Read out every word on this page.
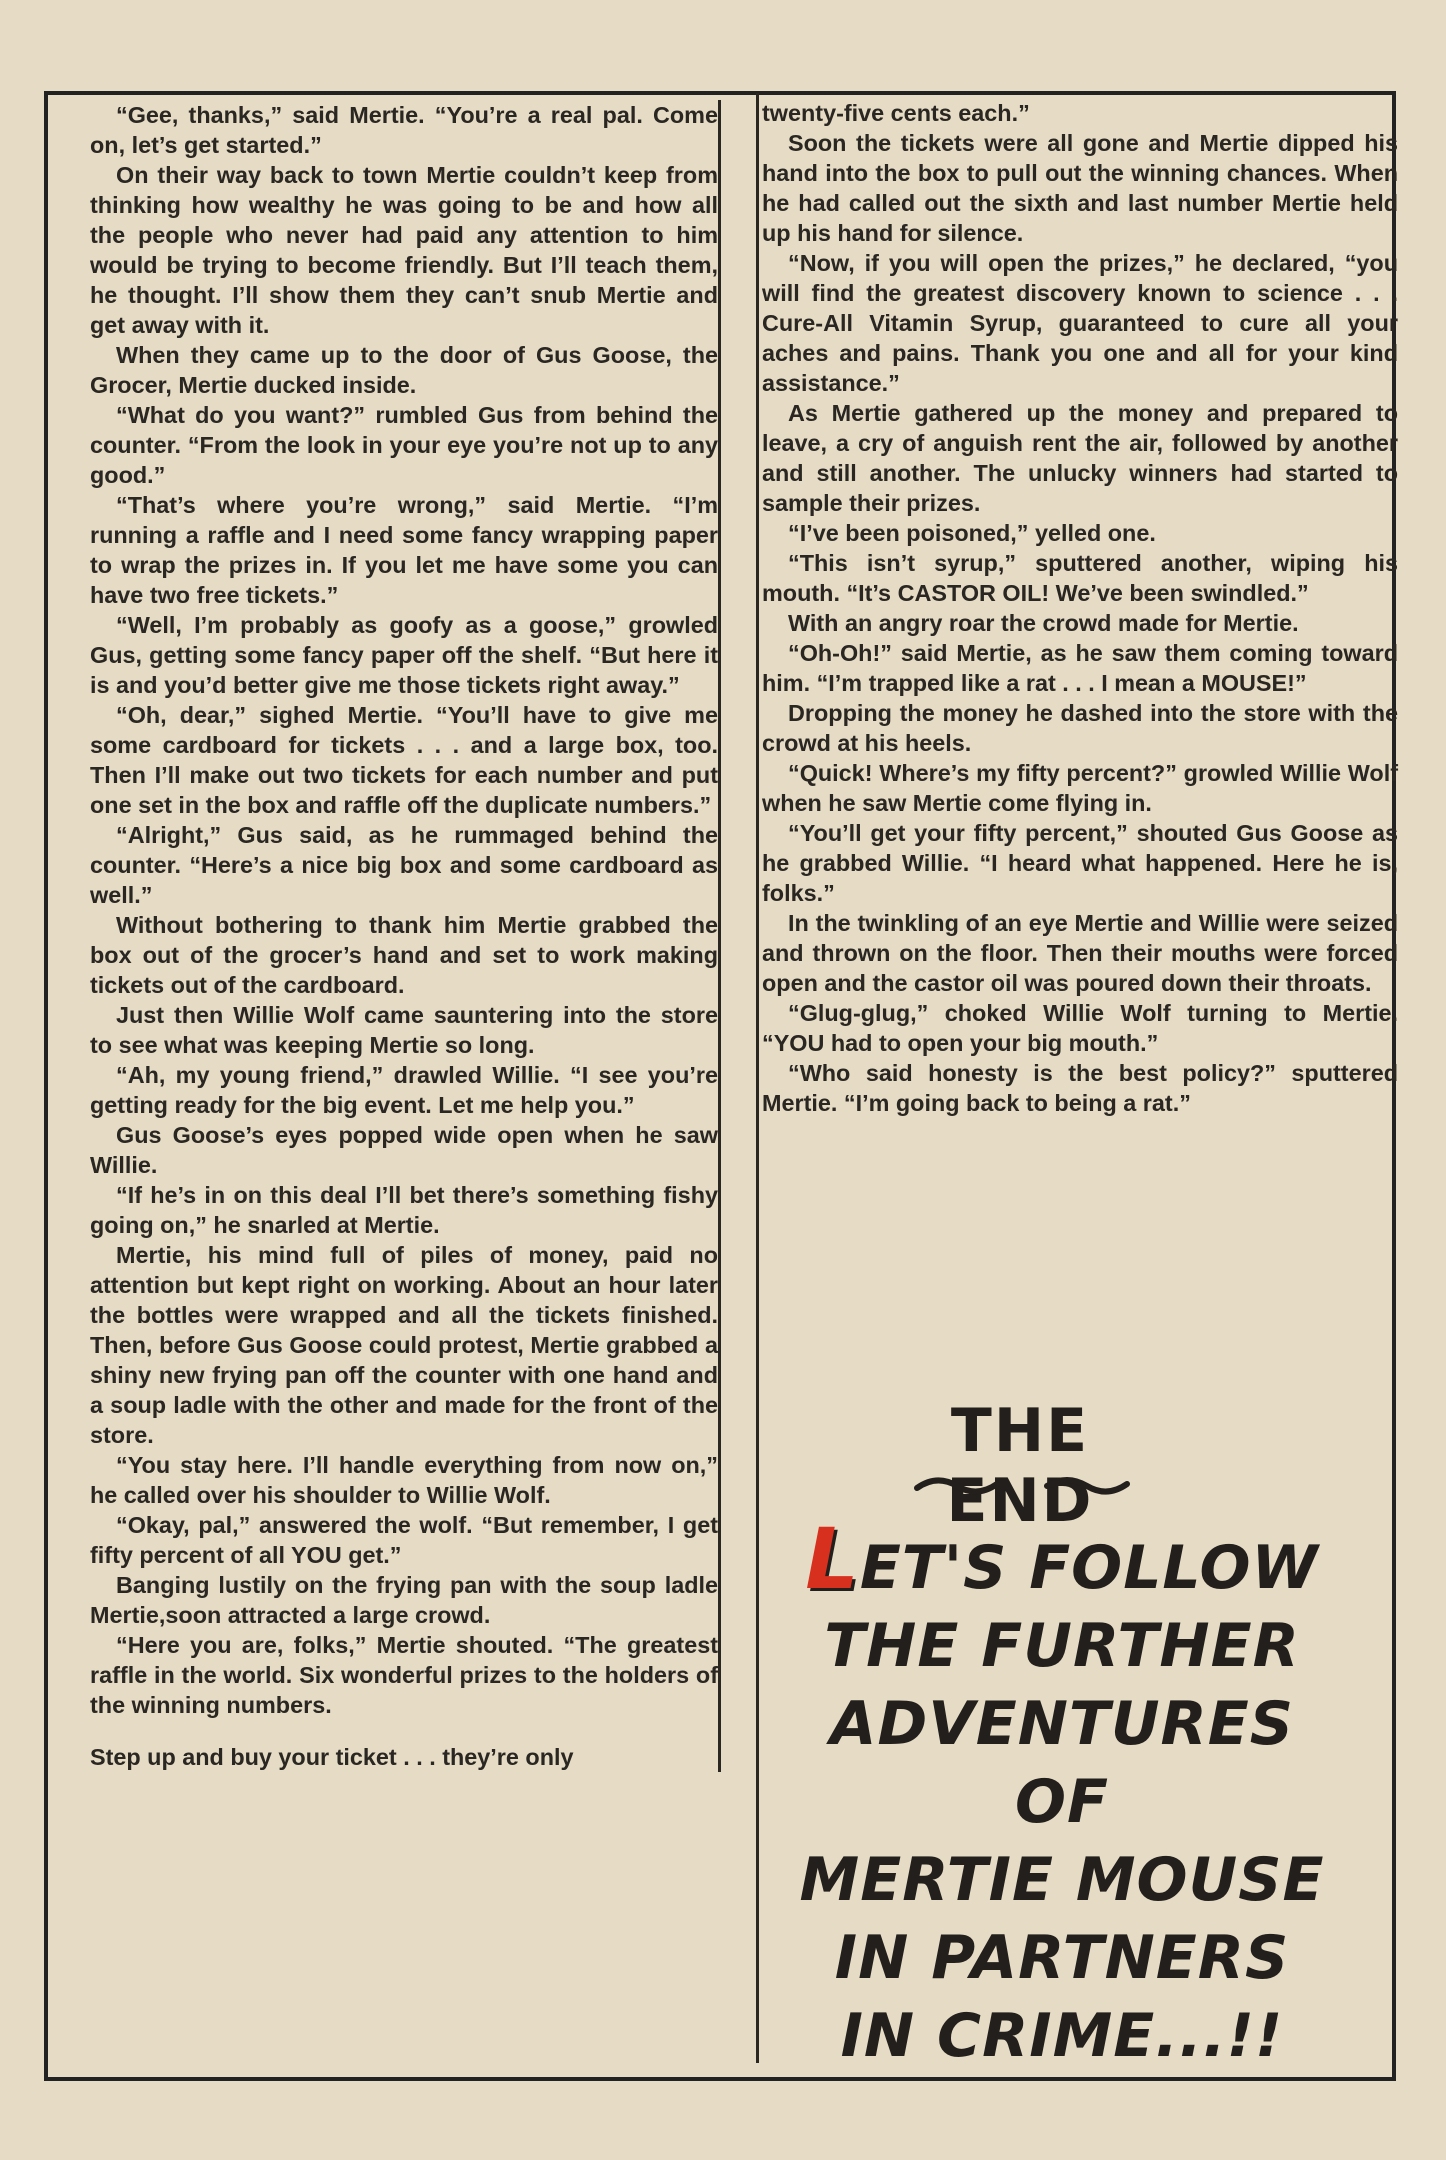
“Gee, thanks,” said Mertie. “You’re a real pal. Come on, let’s get started.”

On their way back to town Mertie couldn’t keep from thinking how wealthy he was going to be and how all the people who never had paid any attention to him would be trying to become friendly. But I’ll teach them, he thought. I’ll show them they can’t snub Mertie and get away with it.

When they came up to the door of Gus Goose, the Grocer, Mertie ducked inside.

“What do you want?” rumbled Gus from behind the counter. “From the look in your eye you’re not up to any good.”

“That’s where you’re wrong,” said Mertie. “I’m running a raffle and I need some fancy wrapping paper to wrap the prizes in. If you let me have some you can have two free tickets.”

“Well, I’m probably as goofy as a goose,” growled Gus, getting some fancy paper off the shelf. “But here it is and you’d better give me those tickets right away.”

“Oh, dear,” sighed Mertie. “You’ll have to give me some cardboard for tickets . . . and a large box, too. Then I’ll make out two tickets for each number and put one set in the box and raffle off the duplicate numbers.”

“Alright,” Gus said, as he rummaged behind the counter. “Here’s a nice big box and some cardboard as well.”

Without bothering to thank him Mertie grabbed the box out of the grocer’s hand and set to work making tickets out of the cardboard.

Just then Willie Wolf came sauntering into the store to see what was keeping Mertie so long.

“Ah, my young friend,” drawled Willie. “I see you’re getting ready for the big event. Let me help you.”

Gus Goose’s eyes popped wide open when he saw Willie.

“If he’s in on this deal I’ll bet there’s something fishy going on,” he snarled at Mertie.

Mertie, his mind full of piles of money, paid no attention but kept right on working. About an hour later the bottles were wrapped and all the tickets finished. Then, before Gus Goose could protest, Mertie grabbed a shiny new frying pan off the counter with one hand and a soup ladle with the other and made for the front of the store.

“You stay here. I’ll handle everything from now on,” he called over his shoulder to Willie Wolf.

“Okay, pal,” answered the wolf. “But remember, I get fifty percent of all YOU get.”

Banging lustily on the frying pan with the soup ladle Mertie,soon attracted a large crowd.

“Here you are, folks,” Mertie shouted. “The greatest raffle in the world. Six wonderful prizes to the holders of the winning numbers.

Step up and buy your ticket . . . they’re only

twenty-five cents each.”

Soon the tickets were all gone and Mertie dipped his hand into the box to pull out the winning chances. When he had called out the sixth and last number Mertie held up his hand for silence.

“Now, if you will open the prizes,” he declared, “you will find the greatest discovery known to science . . . Cure-All Vitamin Syrup, guaranteed to cure all your aches and pains. Thank you one and all for your kind assistance.”

As Mertie gathered up the money and prepared to leave, a cry of anguish rent the air, followed by another and still another. The unlucky winners had started to sample their prizes.

“I’ve been poisoned,” yelled one.

“This isn’t syrup,” sputtered another, wiping his mouth. “It’s CASTOR OIL! We’ve been swindled.”

With an angry roar the crowd made for Mertie.

“Oh-Oh!” said Mertie, as he saw them coming toward him. “I’m trapped like a rat . . . I mean a MOUSE!”

Dropping the money he dashed into the store with the crowd at his heels.

“Quick! Where’s my fifty percent?” growled Willie Wolf when he saw Mertie come flying in.

“You’ll get your fifty percent,” shouted Gus Goose as he grabbed Willie. “I heard what happened. Here he is, folks.”

In the twinkling of an eye Mertie and Willie were seized and thrown on the floor. Then their mouths were forced open and the castor oil was poured down their throats.

“Glug-glug,” choked Willie Wolf turning to Mertie. “YOU had to open your big mouth.”

“Who said honesty is the best policy?” sputtered Mertie. “I’m going back to being a rat.”

THE END
LET'S FOLLOW
THE FURTHER
ADVENTURES
OF
MERTIE MOUSE
IN PARTNERS
IN CRIME...!!
